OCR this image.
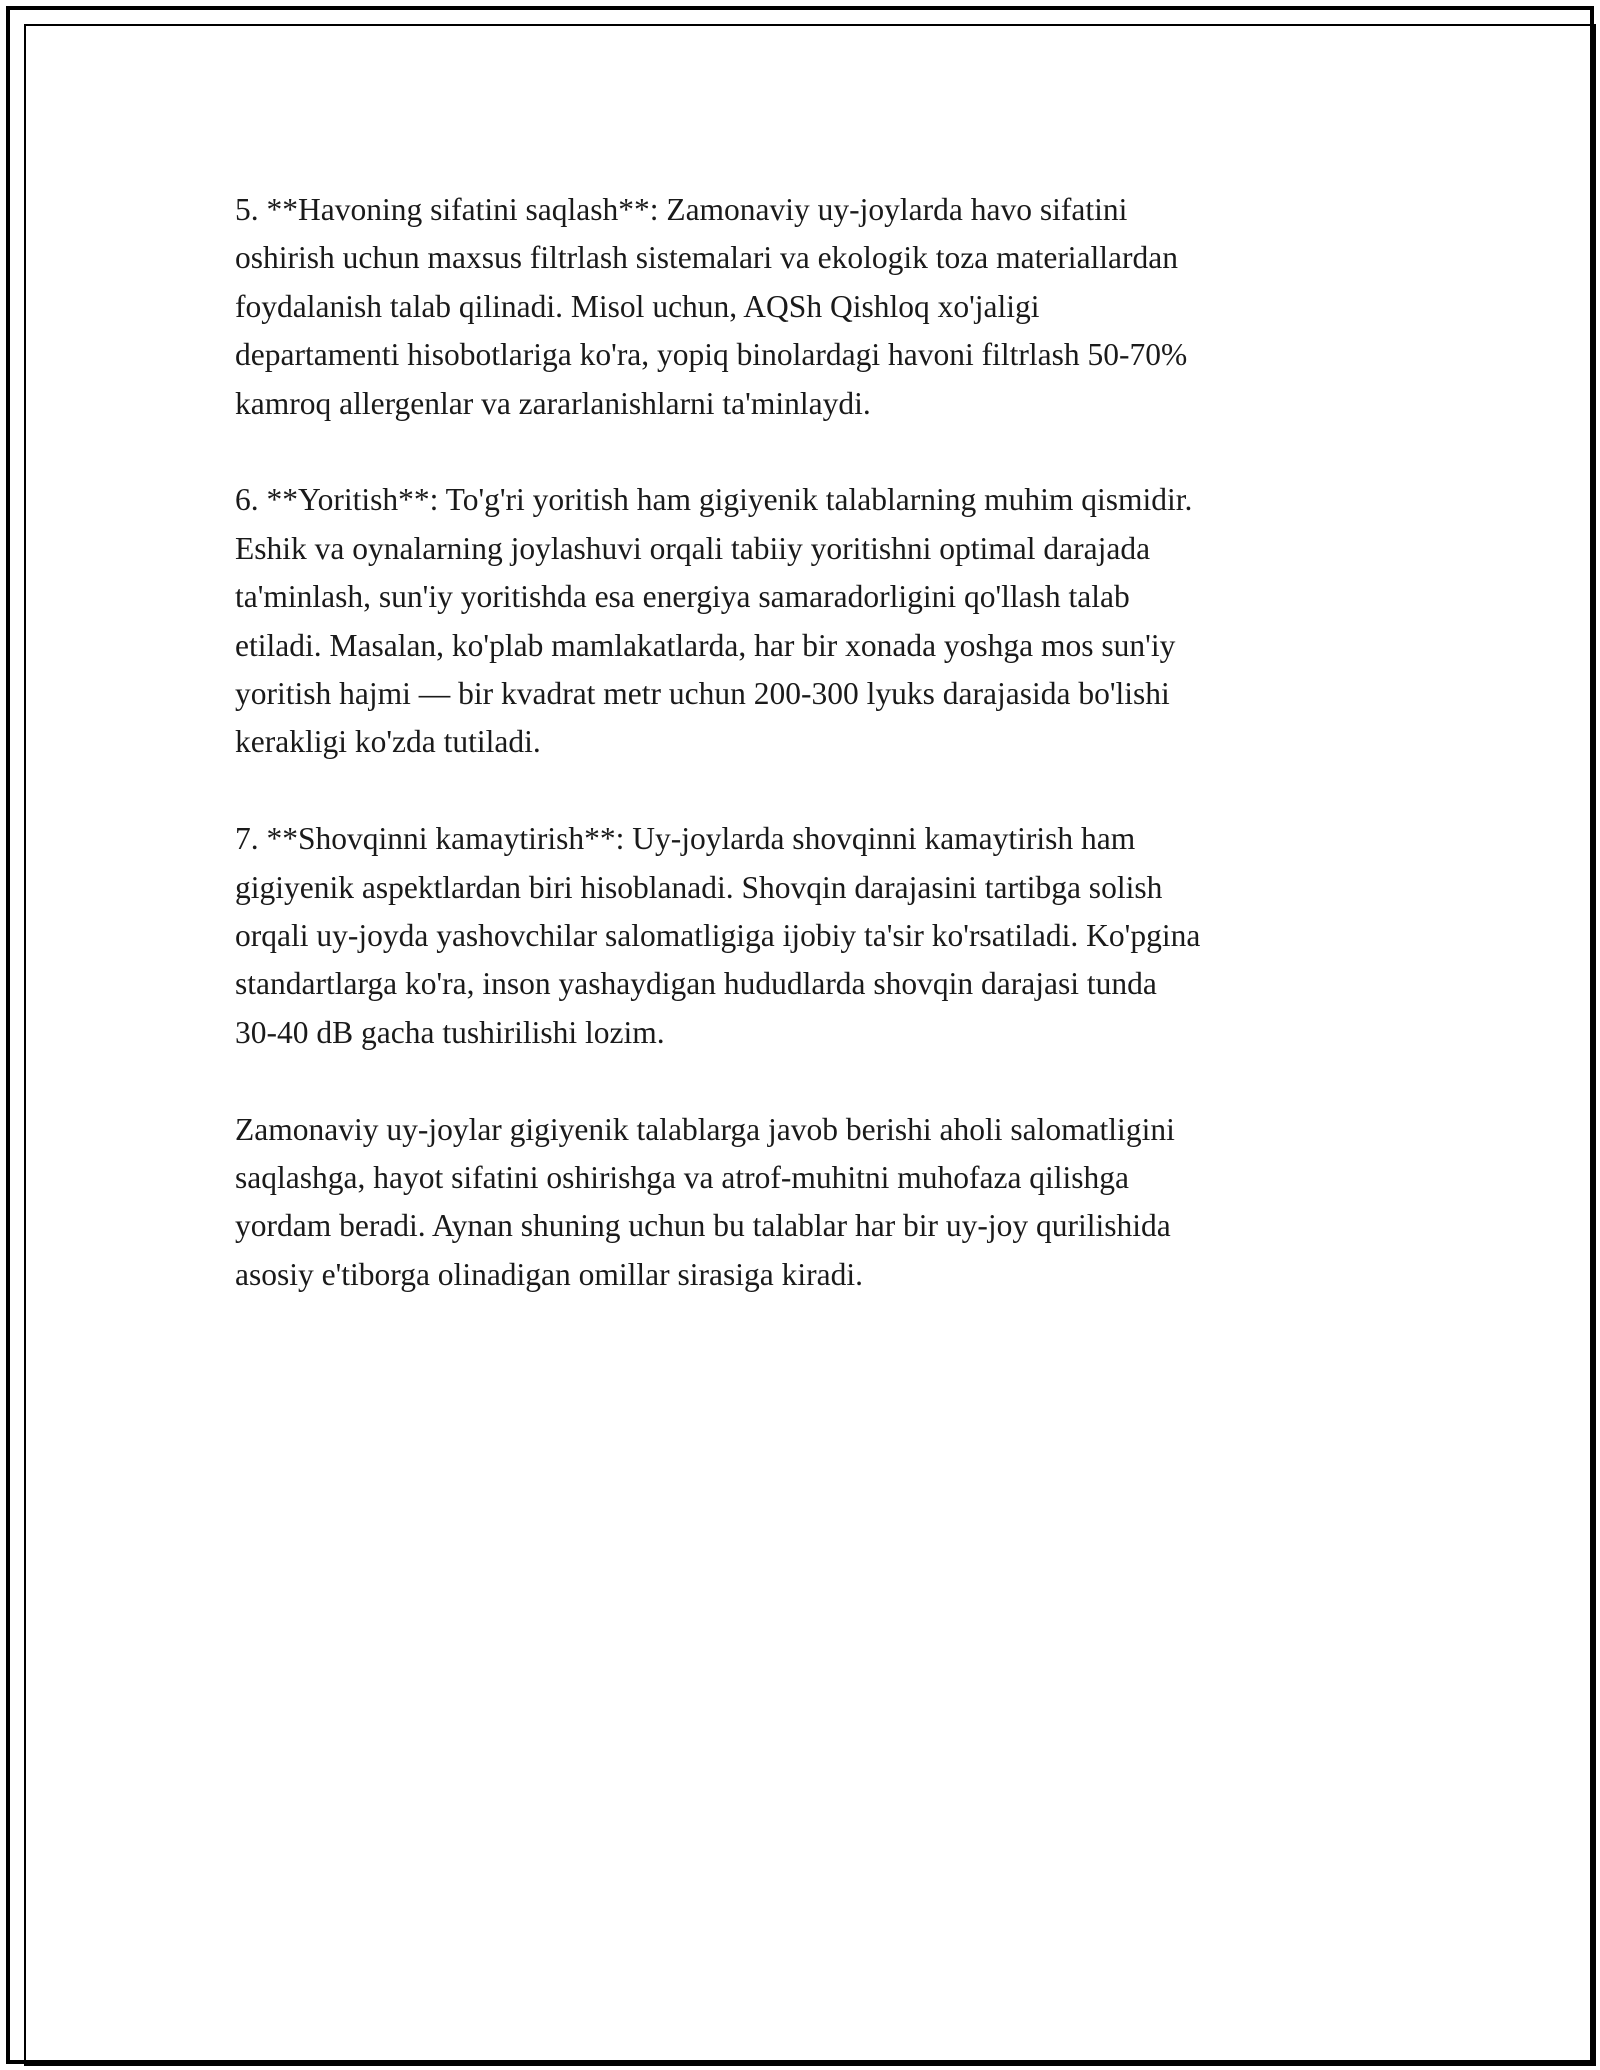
5. **Havoning sifatini saqlash**: Zamonaviy uy-joylarda havo sifatini
oshirish uchun maxsus filtrlash sistemalari va ekologik toza materiallardan
foydalanish talab qilinadi. Misol uchun, AQSh Qishloq xo'jaligi
departamenti hisobotlariga ko'ra, yopiq binolardagi havoni filtrlash 50-70%
kamroq allergenlar va zararlanishlarni ta'minlaydi.

6. **Yoritish**: To'g'ri yoritish ham gigiyenik talablarning muhim qismidir.
Eshik va oynalarning joylashuvi orqali tabiiy yoritishni optimal darajada
ta'minlash, sun'iy yoritishda esa energiya samaradorligini qo'llash talab
etiladi. Masalan, ko'plab mamlakatlarda, har bir xonada yoshga mos sun'iy
yoritish hajmi — bir kvadrat metr uchun 200-300 lyuks darajasida bo'lishi
kerakligi ko'zda tutiladi.

7. **Shovqinni kamaytirish**: Uy-joylarda shovqinni kamaytirish ham
gigiyenik aspektlardan biri hisoblanadi. Shovqin darajasini tartibga solish
orqali uy-joyda yashovchilar salomatligiga ijobiy ta'sir ko'rsatiladi. Ko'pgina
standartlarga ko'ra, inson yashaydigan hududlarda shovqin darajasi tunda
30-40 dB gacha tushirilishi lozim.

Zamonaviy uy-joylar gigiyenik talablarga javob berishi aholi salomatligini
saqlashga, hayot sifatini oshirishga va atrof-muhitni muhofaza qilishga
yordam beradi. Aynan shuning uchun bu talablar har bir uy-joy qurilishida
asosiy e'tiborga olinadigan omillar sirasiga kiradi.
